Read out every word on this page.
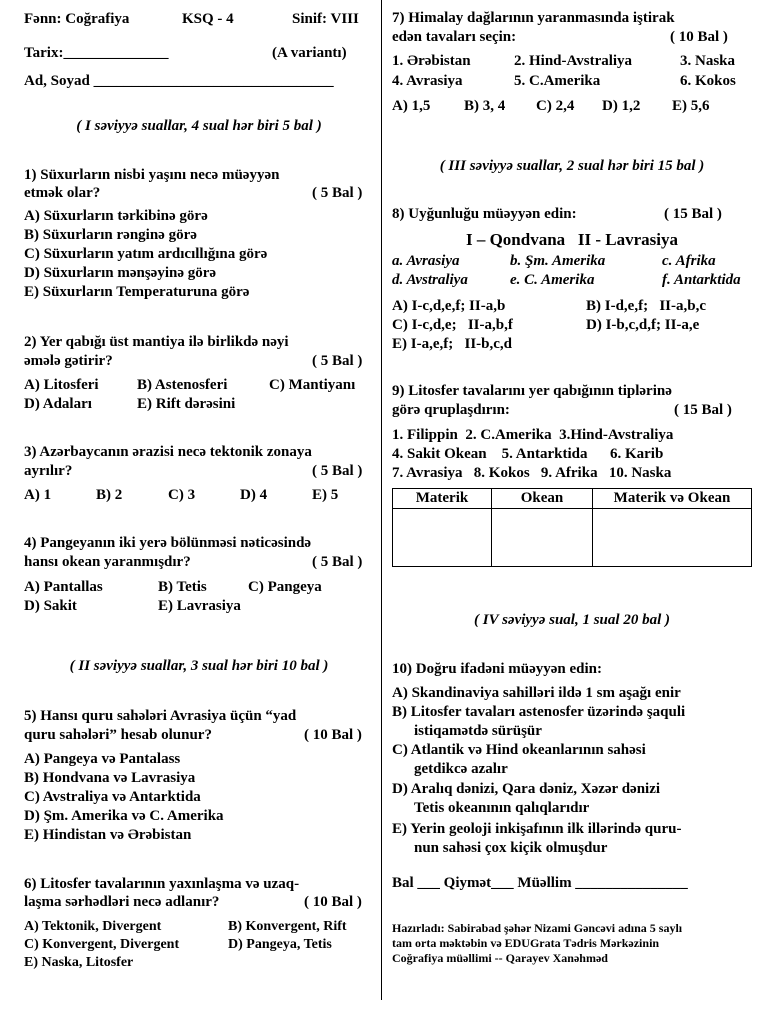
Fənn: Coğrafiya	KSQ - 4	Sinif: VIII
Tarix:______________	(A variantı)
Ad, Soyad ________________________________
( I səviyyə suallar, 4 sual hər biri 5 bal )
1) Süxurların nisbi yaşını necə müəyyən
etmək olar?	( 5 Bal )
A) Süxurların tərkibinə görə
B) Süxurların rənginə görə
C) Süxurların yatım ardıcıllığına görə
D) Süxurların mənşəyinə görə
E) Süxurların Temperaturuna görə
2) Yer qabığı üst mantiya ilə birlikdə nəyi
əmələ gətirir?	( 5 Bal )
A) Litosferi	B) Astenosferi	C) Mantiyanı
D) Adaları	E) Rift dərəsini
3) Azərbaycanın ərazisi necə tektonik zonaya
ayrılır?	( 5 Bal )
A) 1	B) 2	C) 3	D) 4	E) 5
4) Pangeyanın iki yerə bölünməsi nəticəsində
hansı okean yaranmışdır?	( 5 Bal )
A) Pantallas	B) Tetis	C) Pangeya
D) Sakit	E) Lavrasiya
( II səviyyə suallar, 3 sual hər biri 10 bal )
5) Hansı quru sahələri Avrasiya üçün “yad
quru sahələri” hesab olunur?	( 10 Bal )
A) Pangeya və Pantalass
B) Hondvana və Lavrasiya
C) Avstraliya və Antarktida
D) Şm. Amerika və C. Amerika
E) Hindistan və Ərəbistan
6) Litosfer tavalarının yaxınlaşma və uzaq-
laşma sərhədləri necə adlanır?	( 10 Bal )
A) Tektonik, Divergent	B) Konvergent, Rift
C) Konvergent, Divergent	D) Pangeya, Tetis
E) Naska, Litosfer
7) Himalay dağlarının yaranmasında iştirak
edən tavaları seçin:	( 10 Bal )
1. Ərəbistan	2. Hind-Avstraliya	3. Naska
4. Avrasiya	5. C.Amerika	6. Kokos
A) 1,5 B) 3, 4 C) 2,4 D) 1,2 E) 5,6
( III səviyyə suallar, 2 sual hər biri 15 bal )
8) Uyğunluğu müəyyən edin:	( 15 Bal )
I – Qondvana   II - Lavrasiya
a. Avrasiya	b. Şm. Amerika	c. Afrika
d. Avstraliya	e. C. Amerika	f. Antarktida
A) I-c,d,e,f; II-a,b	B) I-d,e,f;   II-a,b,c
C) I-c,d,e;   II-a,b,f	D) I-b,c,d,f; II-a,e
E) I-a,e,f;   II-b,c,d
9) Litosfer tavalarını yer qabığının tiplərinə
görə qruplaşdırın:	( 15 Bal )
1. Filippin  2. C.Amerika  3.Hind-Avstraliya
4. Sakit Okean    5. Antarktida      6. Karib
7. Avrasiya   8. Kokos   9. Afrika   10. Naska
Materik	Okean	Materik və Okean

( IV səviyyə sual, 1 sual 20 bal )
10) Doğru ifadəni müəyyən edin:
A) Skandinaviya sahilləri ildə 1 sm aşağı enir
B) Litosfer tavaları astenosfer üzərində şaquli
istiqamətdə sürüşür
C) Atlantik və Hind okeanlarının sahəsi
getdikcə azalır
D) Aralıq dənizi, Qara dəniz, Xəzər dənizi
Tetis okeanının qalıqlarıdır
E) Yerin geoloji inkişafının ilk illərində quru-
nun sahəsi çox kiçik olmuşdur
Bal ___ Qiymət___ Müəllim _______________
Hazırladı: Sabirabad şəhər Nizami Gəncəvi adına 5 saylı
tam orta məktəbin və EDUGrata Tədris Mərkəzinin
Coğrafiya müəllimi -- Qarayev Xanəhməd
